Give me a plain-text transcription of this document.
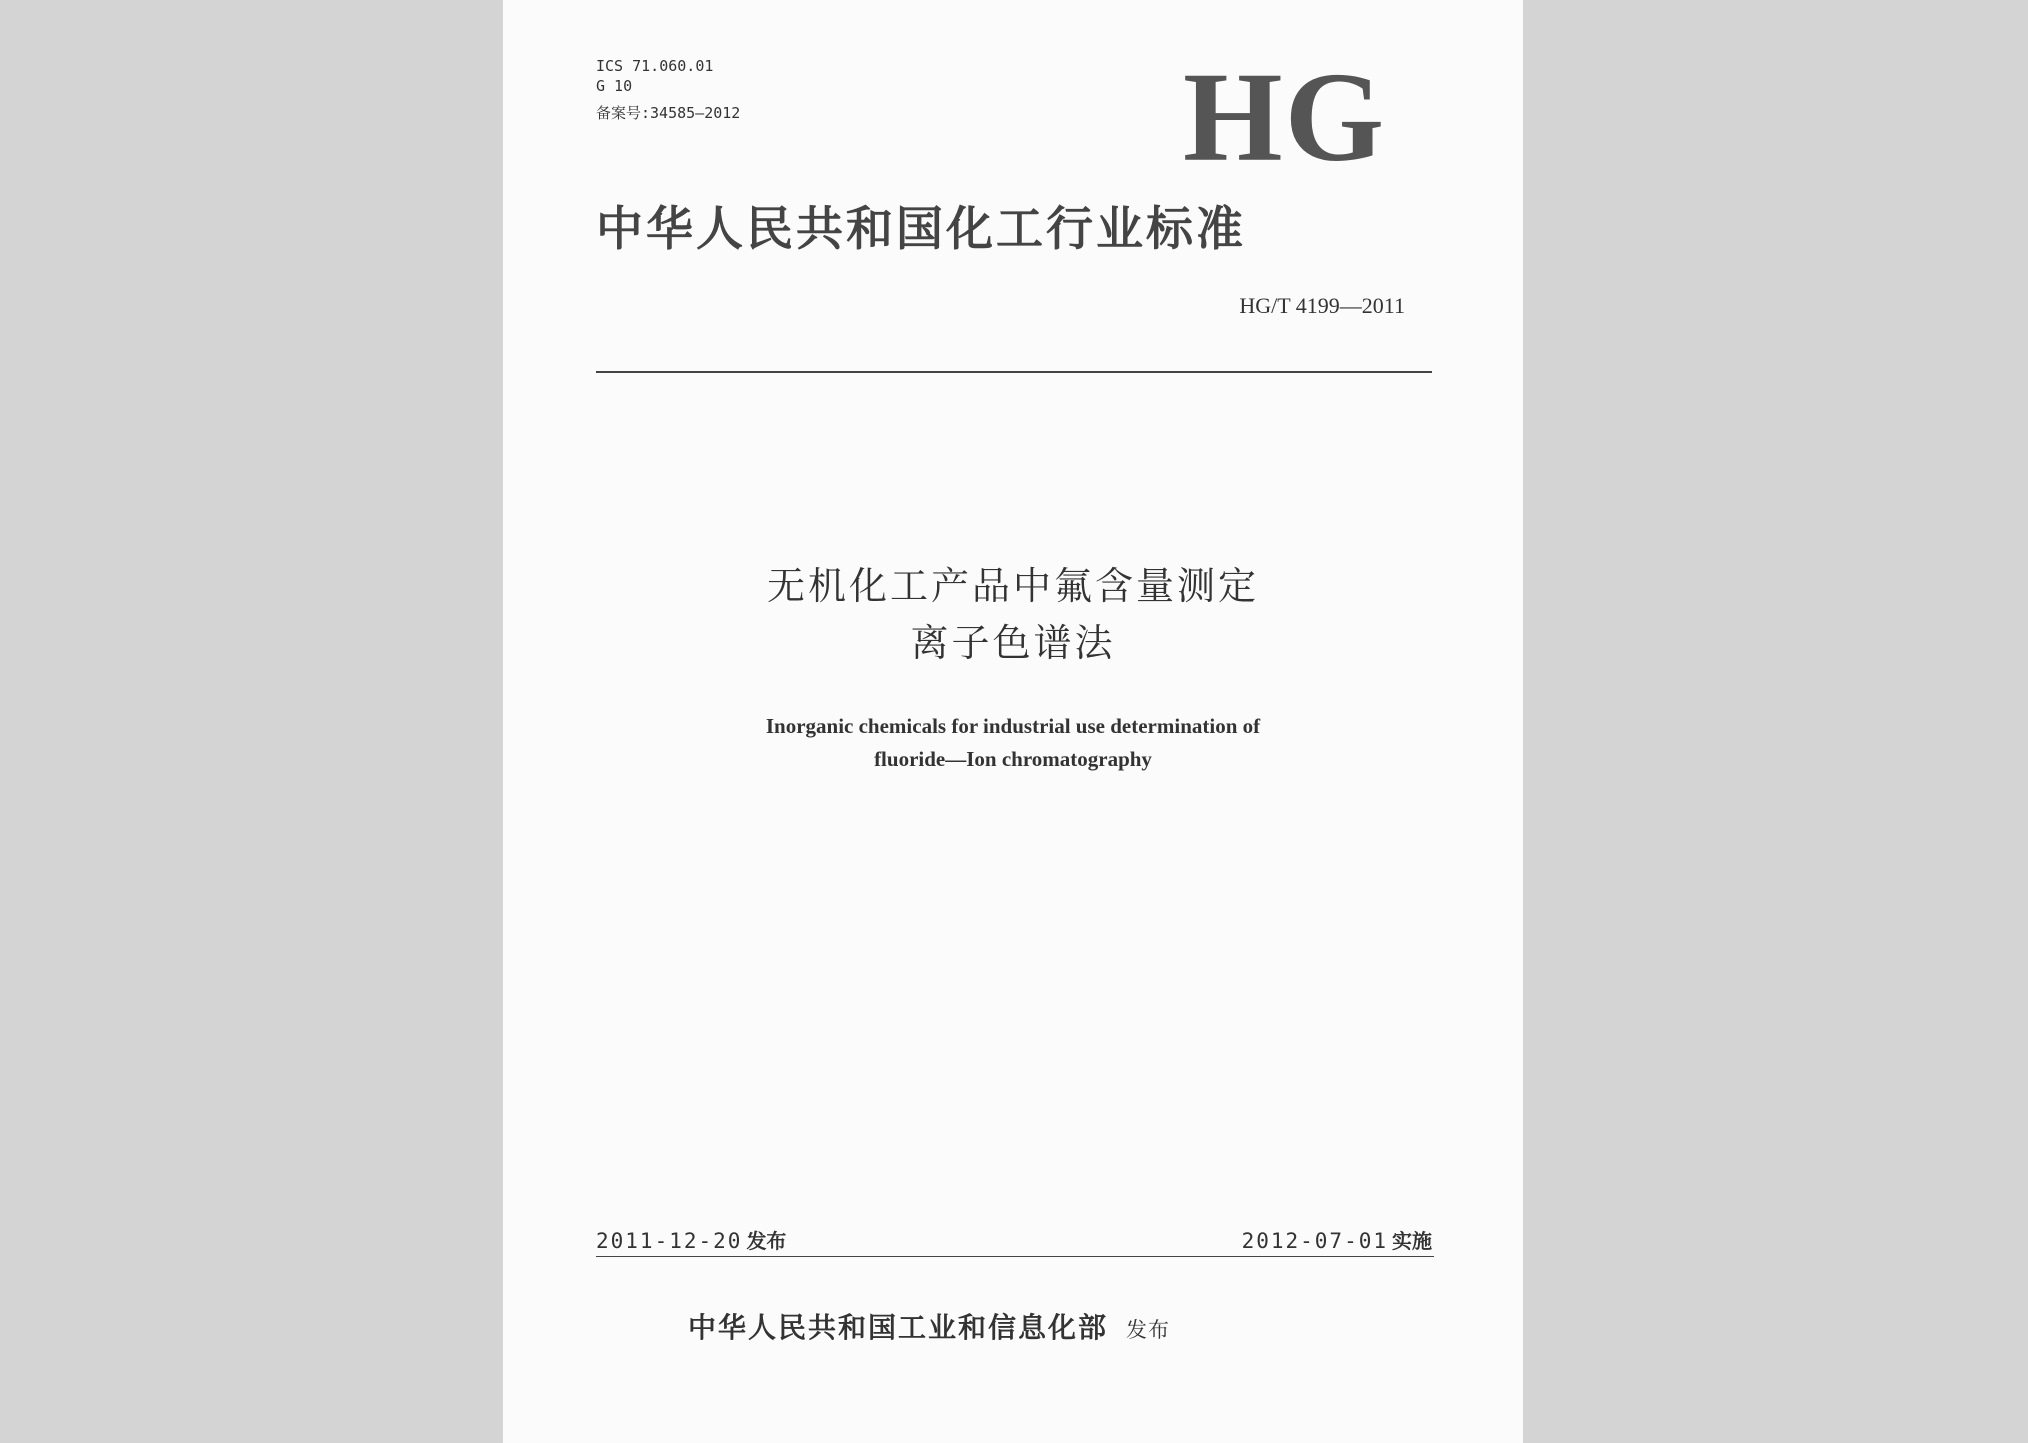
ICS 71.060.01
G 10
备案号:34585—2012	HG
中华人民共和国化工行业标准
HG/T 4199—2011
无机化工产品中氟含量测定
离子色谱法
Inorganic chemicals for industrial use determination of
fluoride—Ion chromatography
2011-12-20 发布	2012-07-01 实施
中华人民共和国工业和信息化部 发布
